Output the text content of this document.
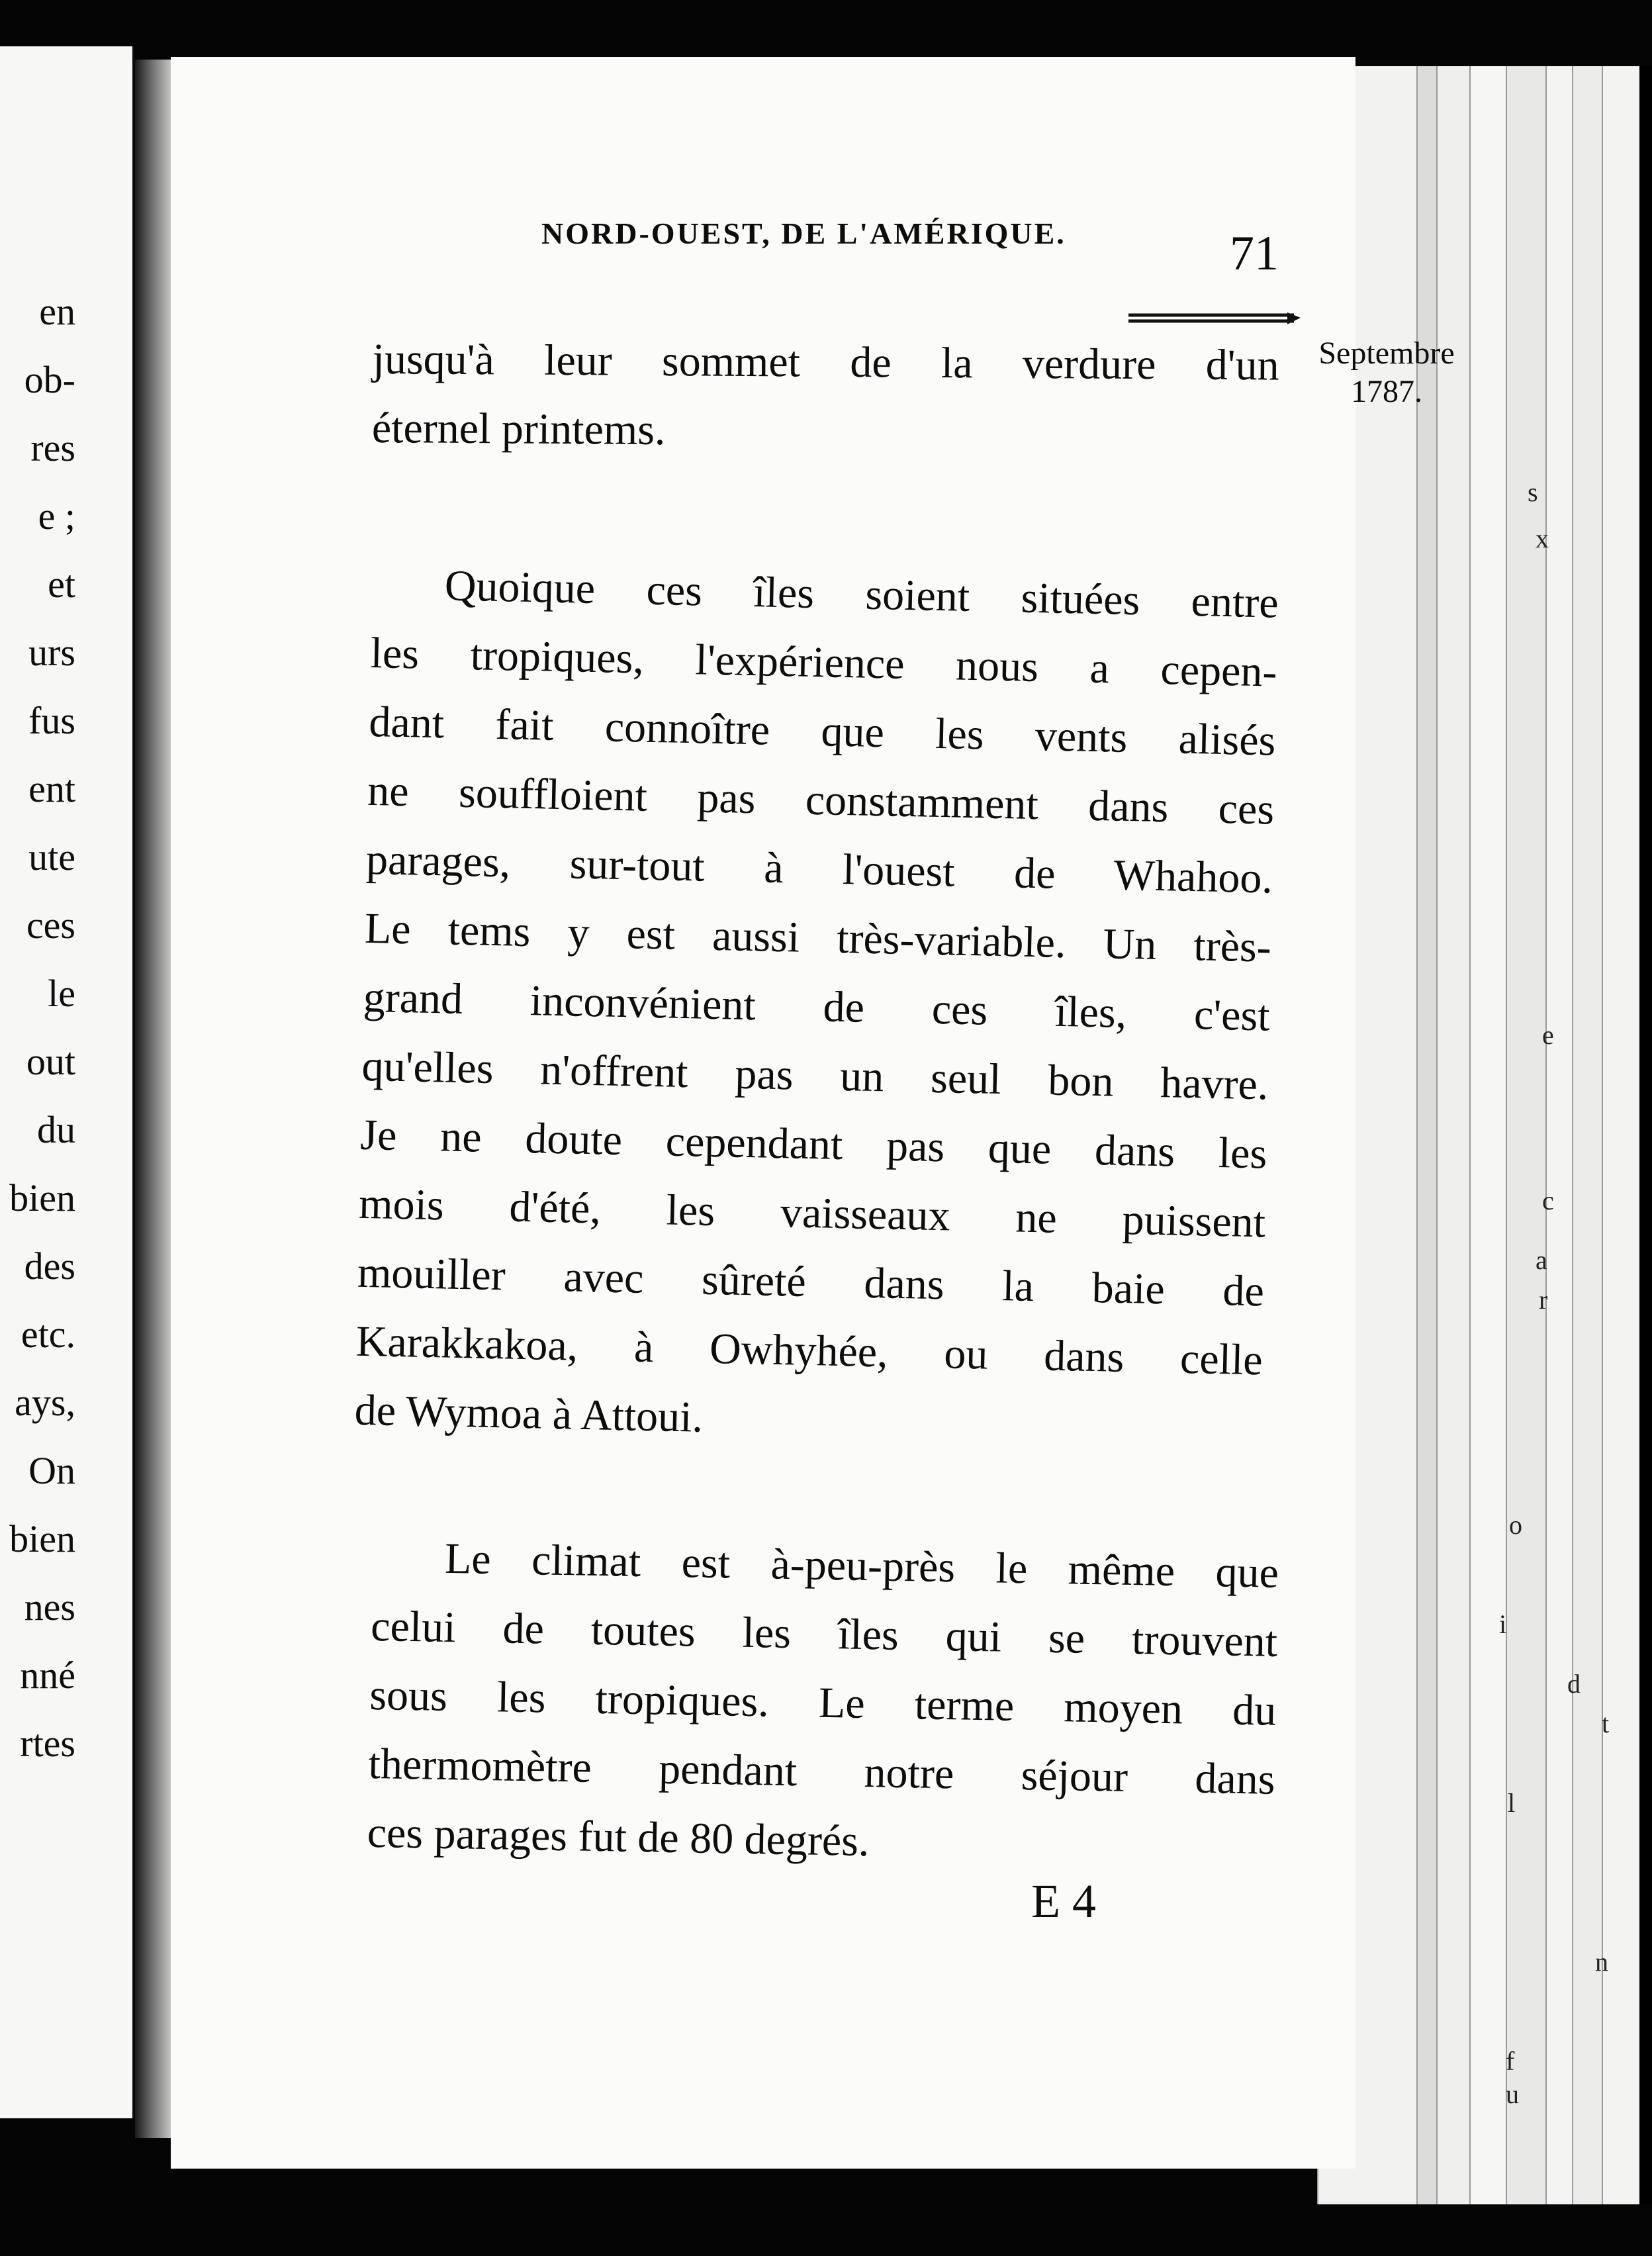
en
ob-
res
e ;
et
urs
fus
ent
ute
ces
le
out
du
bien
des
etc.
ays,
On
bien
nes
nné
rtes
s
x
e
a
c
r
i
d
n
u
o
f
l
t
NORD-OUEST, DE L'AMÉRIQUE.	71
jusqu'à leur sommet de la verdure d'un
éternel printems.
Quoique ces îles soient situées entre
les tropiques, l'expérience nous a cepen-
dant fait connoître que les vents alisés
ne souffloient pas constamment dans ces
parages, sur-tout à l'ouest de Whahoo.
Le tems y est aussi très-variable. Un très-
grand inconvénient de ces îles, c'est
qu'elles n'offrent pas un seul bon havre.
Je ne doute cependant pas que dans les
mois d'été, les vaisseaux ne puissent
mouiller avec sûreté dans la baie de
Karakkakoa, à Owhyhée, ou dans celle
de Wymoa à Attoui.
Le climat est à-peu-près le même que
celui de toutes les îles qui se trouvent
sous les tropiques. Le terme moyen du
thermomètre pendant notre séjour dans
ces parages fut de 80 degrés.
E 4
Septembre
1787.
